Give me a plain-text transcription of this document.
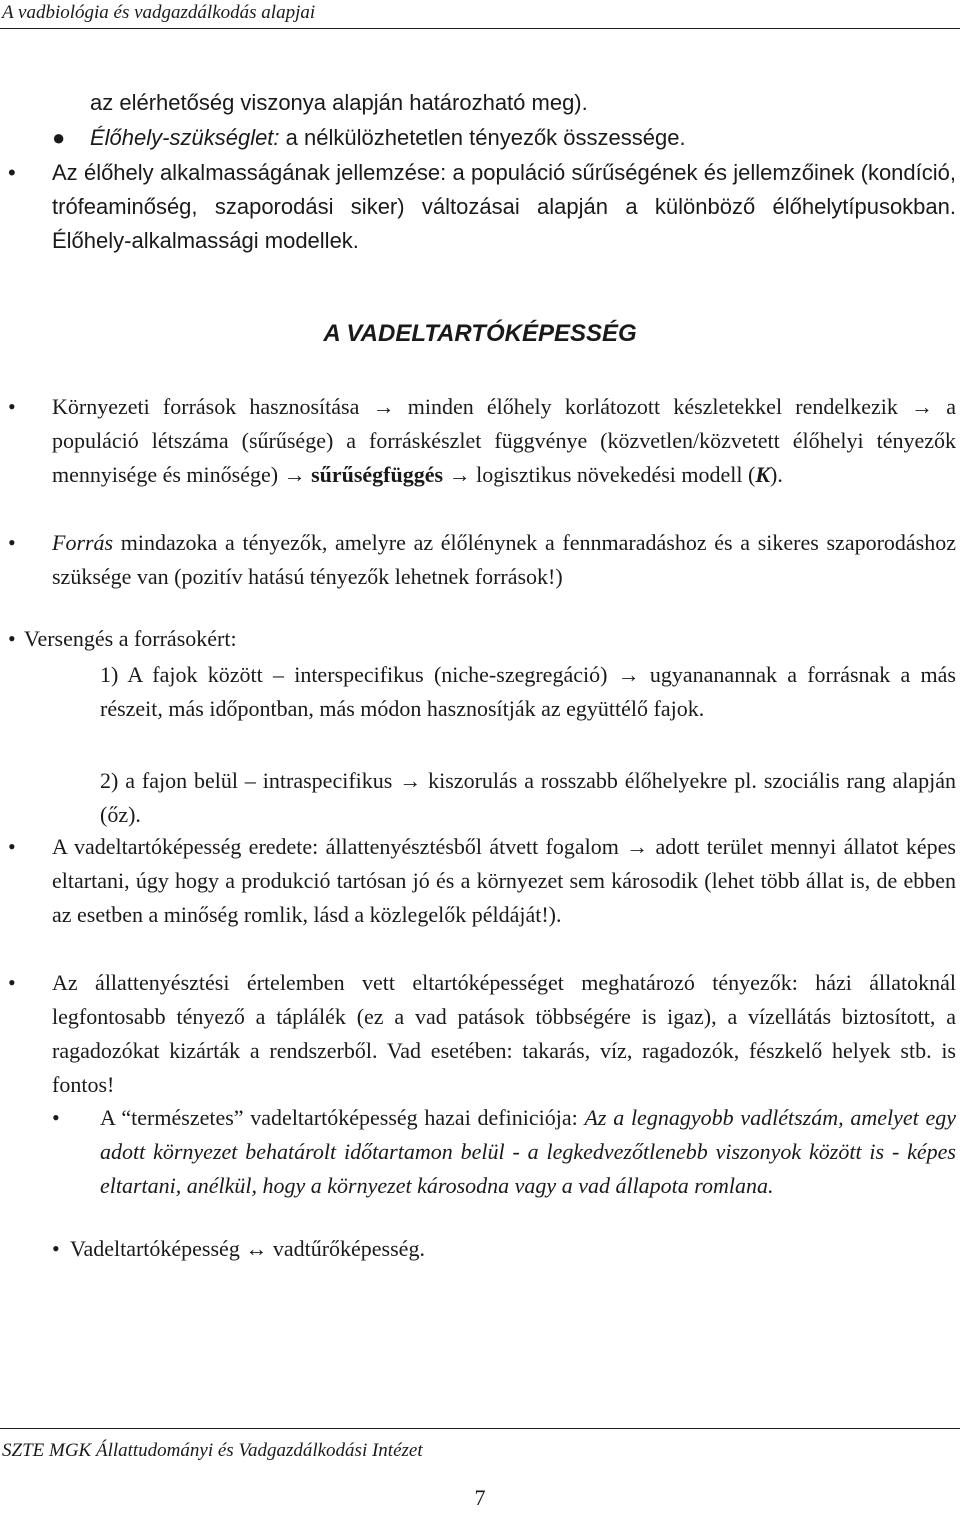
A vadbiológia és vadgazdálkodás alapjai
az elérhetőség viszonya alapján határozható meg).
● Élőhely-szükséglet: a nélkülözhetetlen tényezők összessége.
• Az élőhely alkalmasságának jellemzése: a populáció sűrűségének és jellemzőinek (kondíció, trófeaminőség, szaporodási siker) változásai alapján a különböző élőhelytípusokban. Élőhely-alkalmassági modellek.
A VADELTARTÓKÉPESSÉG
• Környezeti források hasznosítása → minden élőhely korlátozott készletekkel rendelkezik → a populáció létszáma (sűrűsége) a forráskészlet függvénye (közvetlen/közvetett élőhelyi tényezők mennyisége és minősége) → sűrűségfüggés → logisztikus növekedési modell (K).
• Forrás mindazoka a tényezők, amelyre az élőlénynek a fennmaradáshoz és a sikeres szaporodáshoz szüksége van (pozitív hatású tényezők lehetnek források!)
• Versengés a forrásokért:
1) A fajok között – interspecifikus (niche-szegregáció) → ugyananannak a forrásnak a más részeit, más időpontban, más módon hasznosítják az együttélő fajok.
2) a fajon belül – intraspecifikus → kiszorulás a rosszabb élőhelyekre pl. szociális rang alapján (őz).
• A vadeltartóképesség eredete: állattenyésztésből átvett fogalom → adott terület mennyi állatot képes eltartani, úgy hogy a produkció tartósan jó és a környezet sem károsodik (lehet több állat is, de ebben az esetben a minőség romlik, lásd a közlegelők példáját!).
• Az állattenyésztési értelemben vett eltartóképességet meghatározó tényezők: házi állatoknál legfontosabb tényező a táplálék (ez a vad patások többségére is igaz), a vízellátás biztosított, a ragadozókat kizárták a rendszerből. Vad esetében: takarás, víz, ragadozók, fészkelő helyek stb. is fontos!
• A “természetes” vadeltartóképesség hazai definiciója: Az a legnagyobb vadlétszám, amelyet egy adott környezet behatárolt időtartamon belül - a legkedvezőtlenebb viszonyok között is - képes eltartani, anélkül, hogy a környezet károsodna vagy a vad állapota romlana.
• Vadeltartóképesség ↔ vadtűrőképesség.
SZTE MGK Állattudományi és Vadgazdálkodási Intézet
7
